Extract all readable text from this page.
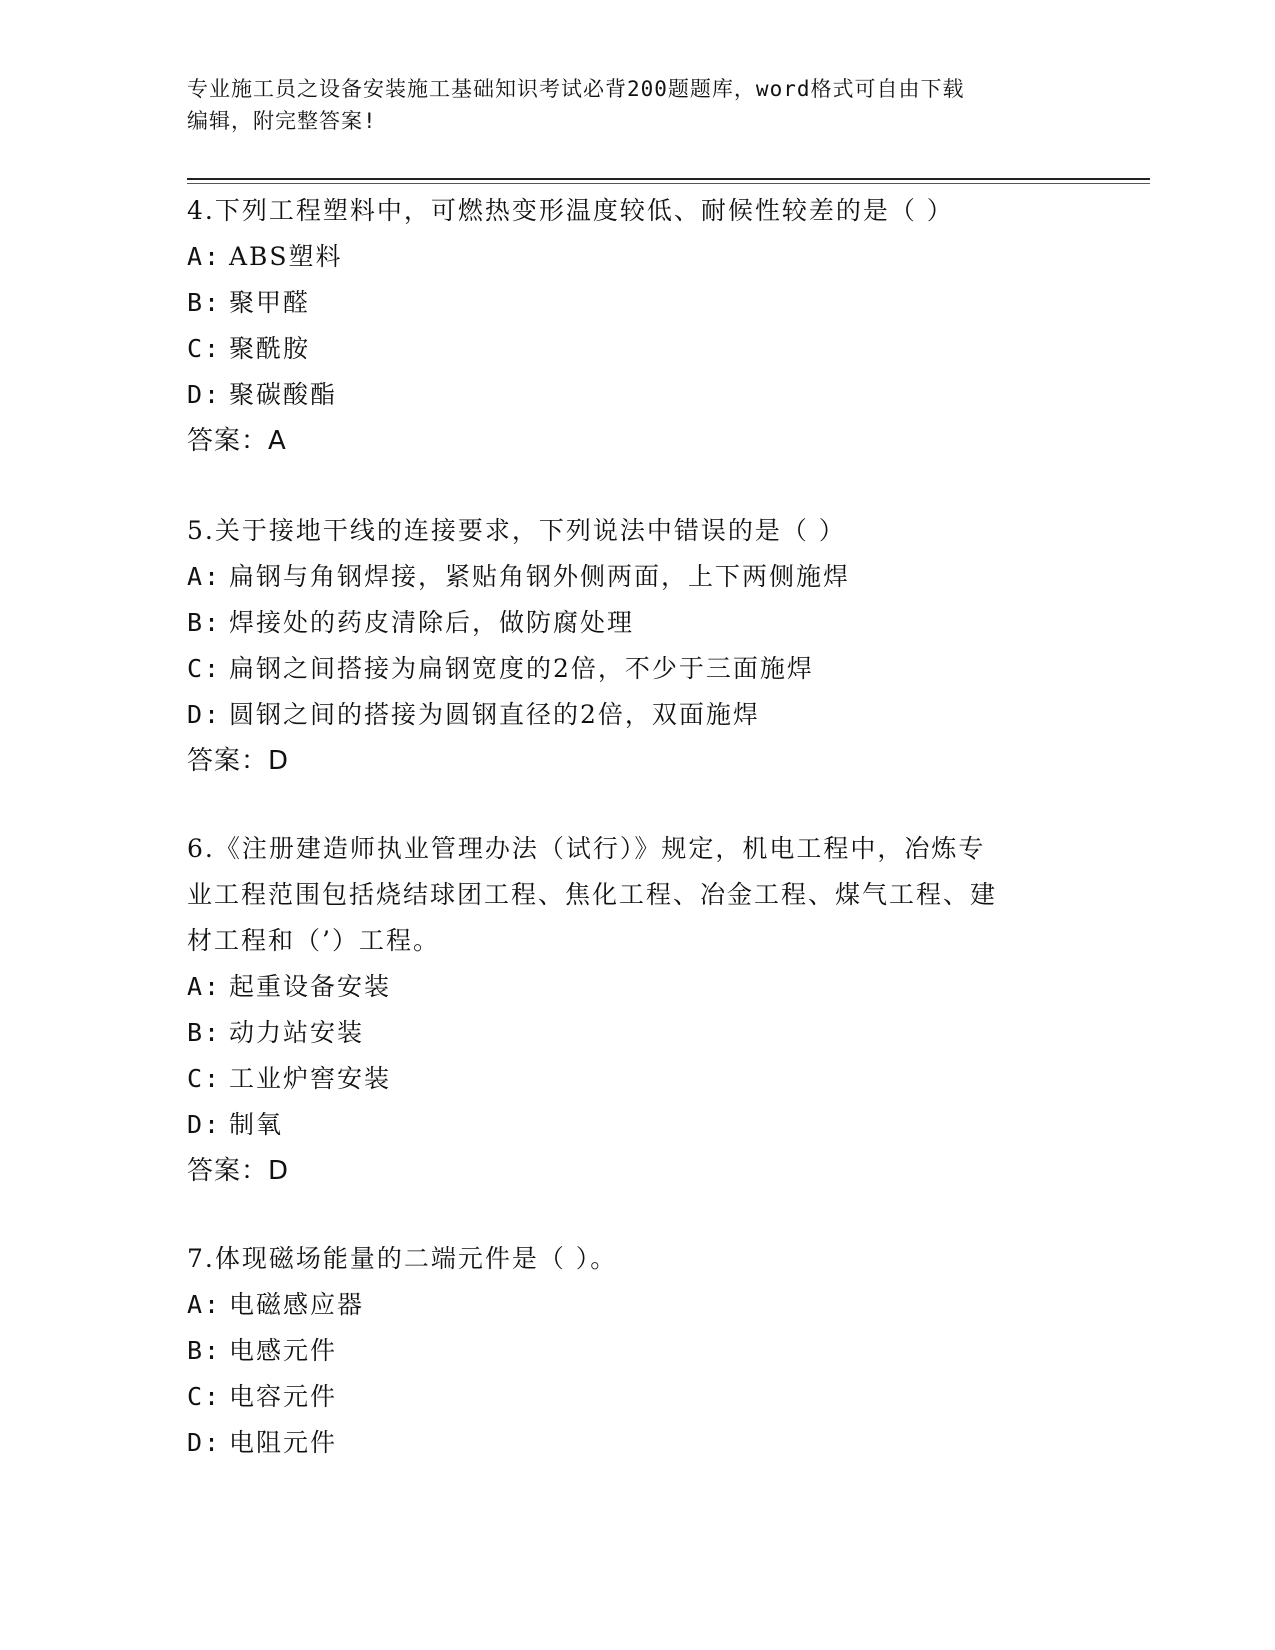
专业施工员之设备安装施工基础知识考试必背200题题库，word格式可自由下载
编辑，附完整答案!
4.下列工程塑料中，可燃热变形温度较低、耐候性较差的是（ ）
A: ABS塑料
B: 聚甲醛
C: 聚酰胺
D: 聚碳酸酯
答案：A
5.关于接地干线的连接要求，下列说法中错误的是（ ）
A: 扁钢与角钢焊接，紧贴角钢外侧两面，上下两侧施焊
B: 焊接处的药皮清除后，做防腐处理
C: 扁钢之间搭接为扁钢宽度的2倍，不少于三面施焊
D: 圆钢之间的搭接为圆钢直径的2倍，双面施焊
答案：D
6.《注册建造师执业管理办法（试行）》规定，机电工程中，冶炼专
业工程范围包括烧结球团工程、焦化工程、冶金工程、煤气工程、建
材工程和（’）工程。
A: 起重设备安装
B: 动力站安装
C: 工业炉窖安装
D: 制氧
答案：D
7.体现磁场能量的二端元件是（ ）。
A: 电磁感应器
B: 电感元件
C: 电容元件
D: 电阻元件
